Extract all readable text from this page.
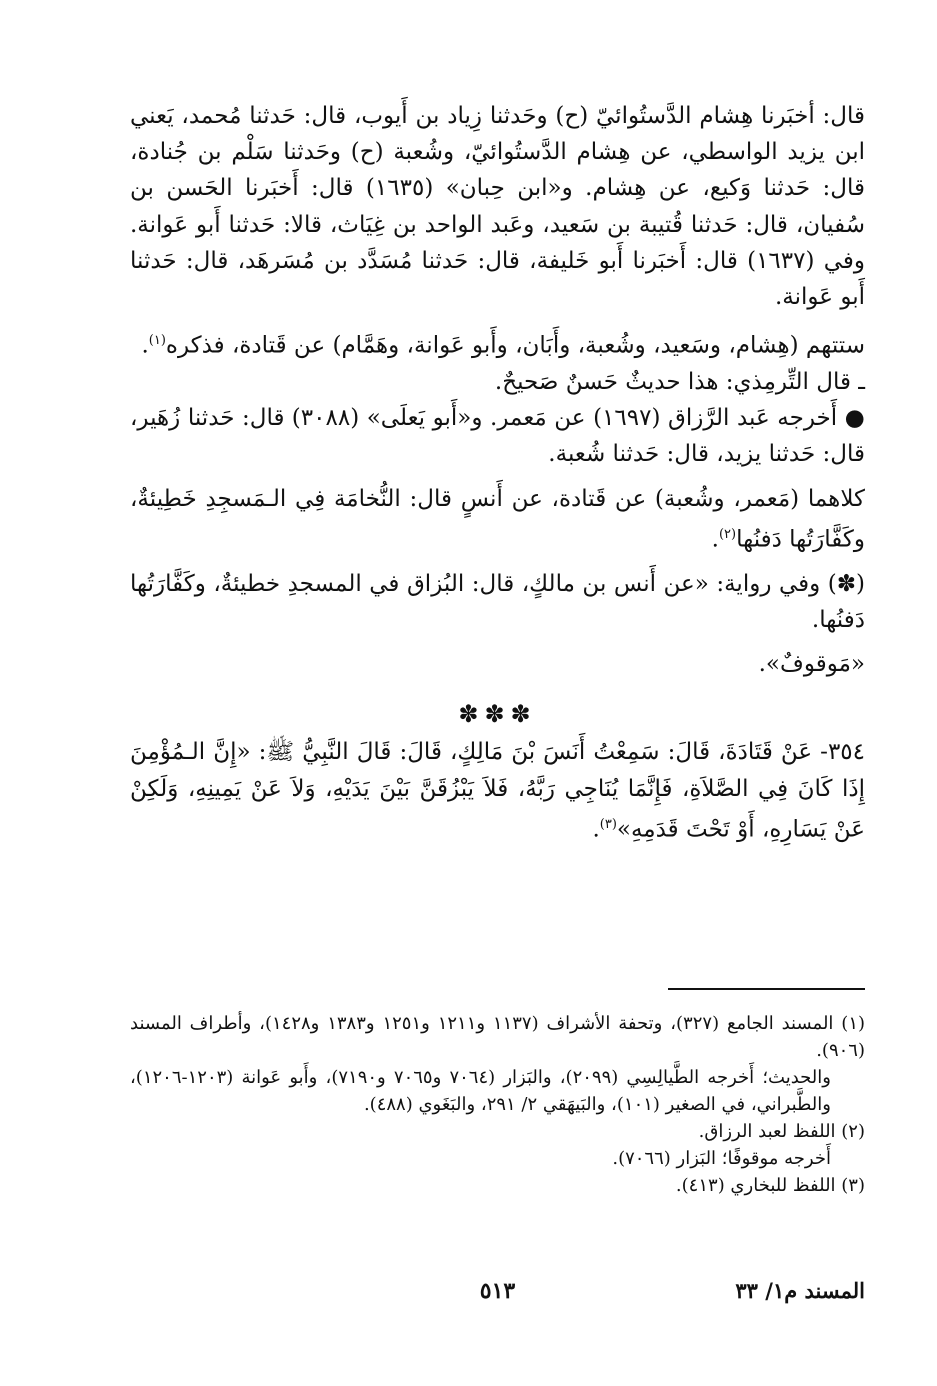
قال: أخبَرنا هِشام الدَّستُوائيّ (ح) وحَدثنا زِياد بن أَيوب، قال: حَدثنا مُحمد، يَعني ابن يزيد الواسطي، عن هِشام الدَّستُوائيّ، وشُعبة (ح) وحَدثنا سَلْم بن جُنادة، قال: حَدثنا وَكيع، عن هِشام. و«ابن حِبان» (١٦٣٥) قال: أَخبَرنا الحَسن بن سُفيان، قال: حَدثنا قُتيبة بن سَعيد، وعَبد الواحد بن غِيَاث، قالا: حَدثنا أَبو عَوانة. وفي (١٦٣٧) قال: أَخبَرنا أَبو خَليفة، قال: حَدثنا مُسَدَّد بن مُسَرهَد، قال: حَدثنا أَبو عَوانة.

ستتهم (هِشام، وسَعيد، وشُعبة، وأَبَان، وأَبو عَوانة، وهَمَّام) عن قَتادة، فذكره$^{(١)}$.

ـ قال التِّرمِذي: هذا حديثٌ حَسنٌ صَحيحٌ.

● أَخرجه عَبد الرَّزاق (١٦٩٧) عن مَعمر. و«أَبو يَعلَى» (٣٠٨٨) قال: حَدثنا زُهَير، قال: حَدثنا يزيد، قال: حَدثنا شُعبة.

كلاهما (مَعمر، وشُعبة) عن قَتادة، عن أَنسٍ قال: النُّخامَة فِي الـمَسجِدِ خَطِيئةٌ، وكَفَّارَتُها دَفنُها$^{(٢)}$.

(✽) وفي رواية: «عن أَنس بن مالكٍ، قال: البُزاق في المسجدِ خطيئةٌ، وكَفَّارَتُها دَفنُها.

«مَوقوفٌ».

✽✽✽

٣٥٤- عَنْ قَتَادَةَ، قَالَ: سَمِعْتُ أَنَسَ بْنَ مَالِكٍ، قَالَ: قَالَ النَّبِيُّ ﷺ: «إِنَّ الـمُؤْمِنَ إِذَا كَانَ فِي الصَّلاَةِ، فَإِنَّمَا يُنَاجِي رَبَّهُ، فَلاَ يَبْزُقَنَّ بَيْنَ يَدَيْهِ، وَلاَ عَنْ يَمِينِهِ، وَلَكِنْ عَنْ يَسَارِهِ، أَوْ تَحْتَ قَدَمِهِ»$^{(٣)}$.

(١) المسند الجامع (٣٢٧)، وتحفة الأشراف (١١٣٧ و١٢١١ و١٢٥١ و١٣٨٣ و١٤٢٨)، وأطراف المسند (٩٠٦).

والحديث؛ أَخرجه الطَّيالِسِي (٢٠٩٩)، والبَزار (٧٠٦٤ و٧٠٦٥ و٧١٩٠)، وأَبو عَوانة (١٢٠٣-١٢٠٦)، والطَّبراني، في الصغير (١٠١)، والبَيهَقي ٢/ ٢٩١، والبَغَوي (٤٨٨).

(٢) اللفظ لعبد الرزاق.

أَخرجه موقوفًا؛ البَزار (٧٠٦٦).

(٣) اللفظ للبخاري (٤١٣).

المسند م١/ ٣٣
٥١٣
